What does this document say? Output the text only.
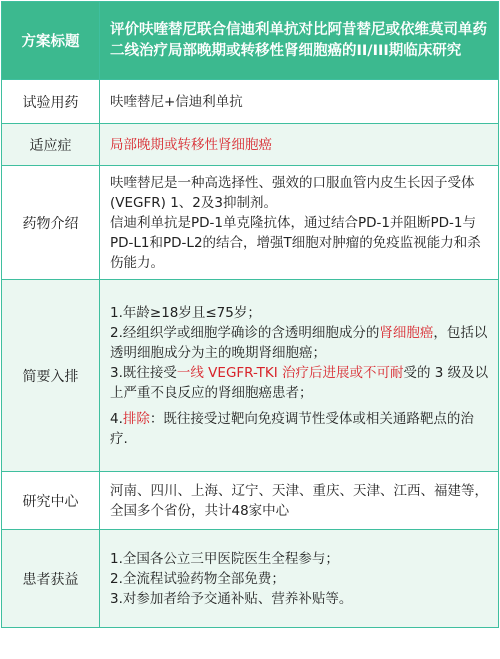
方案标题	评价呋喹替尼联合信迪利单抗对比阿昔替尼或依维莫司单药二线治疗局部晚期或转移性肾细胞癌的II/III期临床研究
试验用药	呋喹替尼+信迪利单抗
适应症	局部晚期或转移性肾细胞癌
药物介绍	呋喹替尼是一种高选择性、强效的口服血管内皮生长因子受体 (VEGFR) 1、2及3抑制剂。
信迪利单抗是PD-1单克隆抗体，通过结合PD-1并阻断PD-1与PD-L1和PD-L2的结合，增强T细胞对肿瘤的免疫监视能力和杀伤能力。

简要入排	1.年龄≥18岁且≤75岁；
2.经组织学或细胞学确诊的含透明细胞成分的肾细胞癌，包括以透明细胞成分为主的晚期肾细胞癌；
3.既往接受一线 VEGFR-TKI 治疗后进展或不可耐受的 3 级及以上严重不良反应的肾细胞癌患者；
4.排除：既往接受过靶向免疫调节性受体或相关通路靶点的治疗.

研究中心	河南、四川、上海、辽宁、天津、重庆、天津、江西、福建等，全国多个省份，共计48家中心
患者获益	1.全国各公立三甲医院医生全程参与；
2.全流程试验药物全部免费；
3.对参加者给予交通补贴、营养补贴等。
